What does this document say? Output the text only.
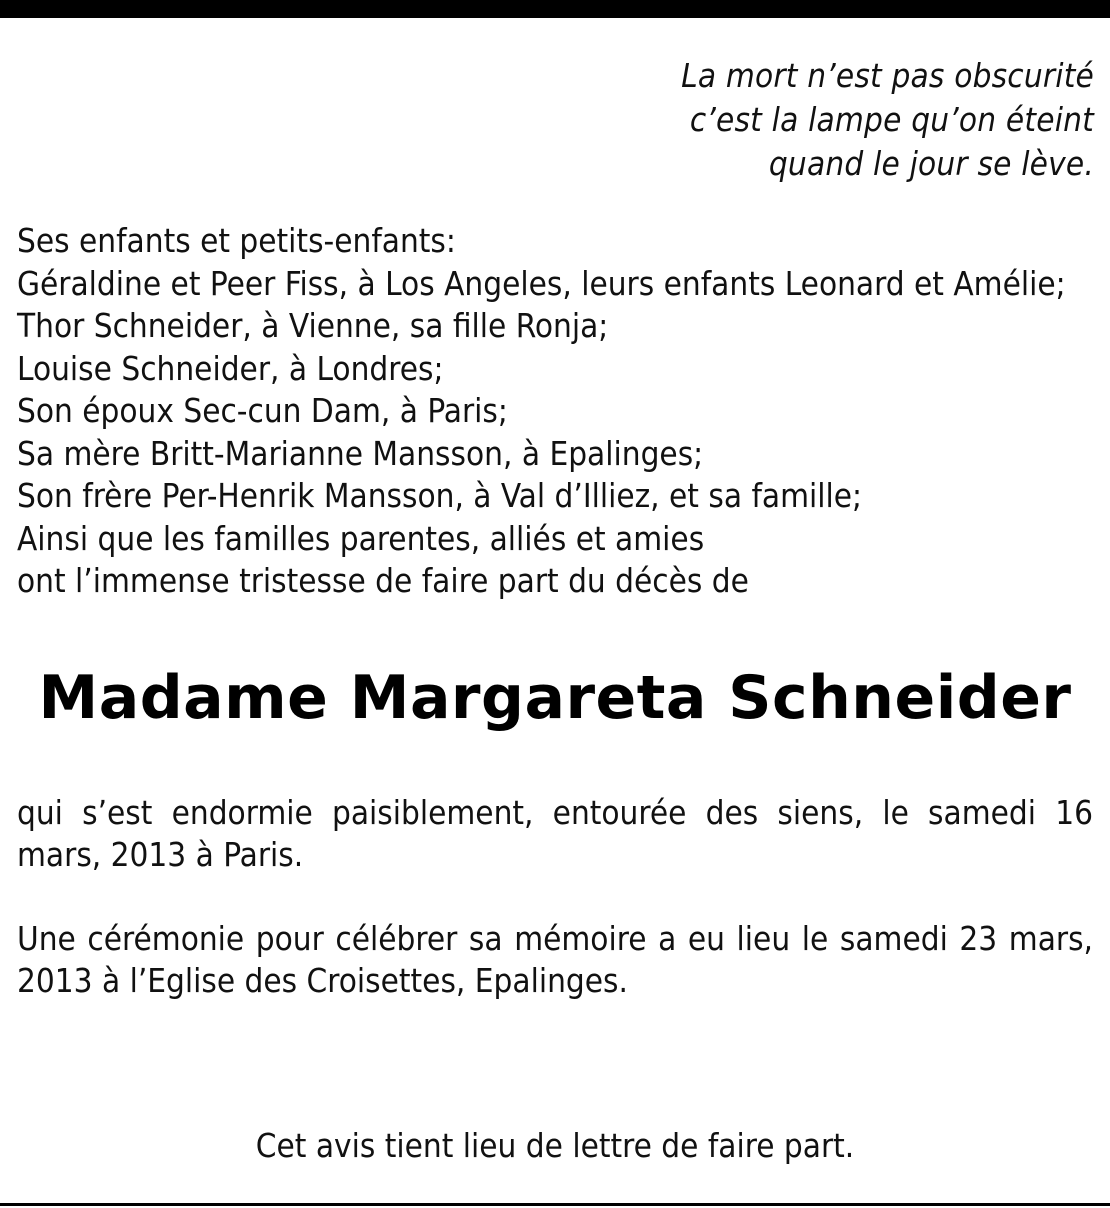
La mort n’est pas obscurité
c’est la lampe qu’on éteint
quand le jour se lève.
Ses enfants et petits-enfants:
Géraldine et Peer Fiss, à Los Angeles, leurs enfants Leonard et Amélie;
Thor Schneider, à Vienne, sa fille Ronja;
Louise Schneider, à Londres;
Son époux Sec-cun Dam, à Paris;
Sa mère Britt-Marianne Mansson, à Epalinges;
Son frère Per-Henrik Mansson, à Val d’Illiez, et sa famille;
Ainsi que les familles parentes, alliés et amies
ont l’immense tristesse de faire part du décès de
Madame Margareta Schneider
qui s’est endormie paisiblement, entourée des siens, le samedi 16 mars, 2013 à Paris.
Une cérémonie pour célébrer sa mémoire a eu lieu le samedi 23 mars, 2013 à l’Eglise des Croisettes, Epalinges.
Cet avis tient lieu de lettre de faire part.
